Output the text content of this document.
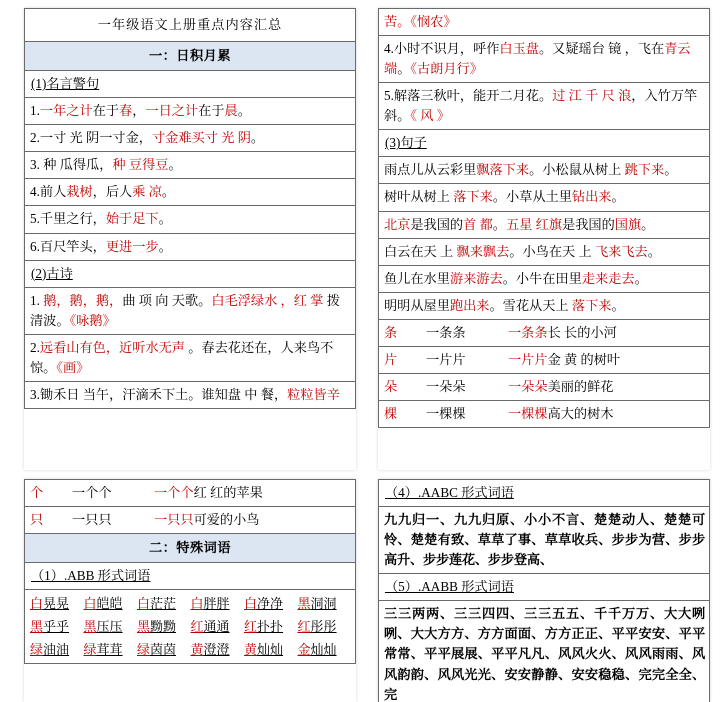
一年级语文上册重点内容汇总
一：日积月累
(1)名言警句
1.一年之计在于春，一日之计在于晨。
2.一寸 光 阴一寸金，寸金难买寸 光 阴。
3. 种 瓜得瓜，种 豆得豆。
4.前人栽树，后人乘 凉。
5.千里之行，始于足下。
6.百尺竿头，更进一步。
(2)古诗
1. 鹅，鹅，鹅，曲 项 向 天歌。白毛浮绿水 ，红 掌 拨清波。《咏鹅》
2.远看山有色，近听水无声 。春去花还在，人来鸟不惊。《画》
3.锄禾日 当午，汗滴禾下土。谁知盘 中 餐，粒粒皆辛
苦。《悯农》
4.小时不识月，呼作白玉盘。又疑瑶台 镜 ，飞在青云 端。《古朗月行》
5.解落三秋叶，能开二月花。过 江 千 尺 浪，入竹万竿斜。《 风 》
(3)句子
雨点儿从云彩里飘落下来。小松鼠从树上 跳下来。
树叶从树上 落下来。小草从土里钻出来。
北京是我国的首 都。五星 红旗是我国的国旗。
白云在天 上 飘来飘去。小鸟在天 上 飞来飞去。
鱼儿在水里游来游去。小牛在田里走来走去。
明明从屋里跑出来。雪花从天上 落下来。

条	一条条	一条条长 长的小河

片	一片片	一片片金 黄 的树叶

朵	一朵朵	一朵朵美丽的鲜花

棵	一棵棵	一棵棵高大的树木
个	一个个	一个个红 红的苹果

只	一只只	一只只可爱的小鸟

二：特殊词语
（1）.ABB 形式词语

白晃晃	白皑皑	白茫茫	白胖胖	白净净	黑洞洞
黑乎乎	黑压压	黑黝黝	红通通	红扑扑	红彤彤
绿油油	绿茸茸	绿茵茵	黄澄澄	黄灿灿	金灿灿
（4）.AABC 形式词语
九九归一、九九归原、小小不言、楚楚动人、楚楚可怜、楚楚有致、草草了事、草草收兵、步步为营、步步高升、步步莲花、步步登高、
（5）.AABB 形式词语
三三两两、三三四四、三三五五、千千万万、大大咧咧、大大方方、方方面面、方方正正、平平安安、平平常常、平平展展、平平凡凡、风风火火、风风雨雨、风风韵韵、风风光光、安安静静、安安稳稳、完完全全、完
